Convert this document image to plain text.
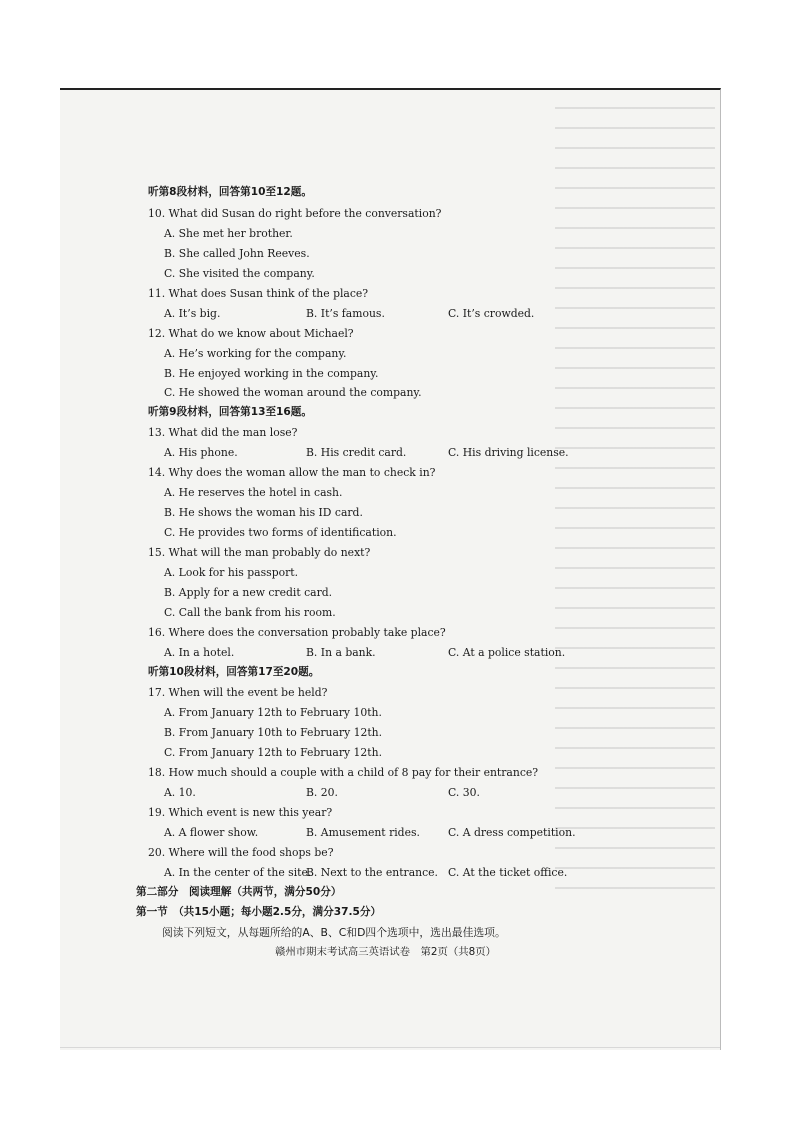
听第8段材料，回答第10至12题。
10. What did Susan do right before the conversation?
A. She met her brother.
B. She called John Reeves.
C. She visited the company.
11. What does Susan think of the place?
A. It’s big.	B. It’s famous.	C. It’s crowded.
12. What do we know about Michael?
A. He’s working for the company.
B. He enjoyed working in the company.
C. He showed the woman around the company.
听第9段材料，回答第13至16题。
13. What did the man lose?
A. His phone.	B. His credit card.	C. His driving license.
14. Why does the woman allow the man to check in?
A. He reserves the hotel in cash.
B. He shows the woman his ID card.
C. He provides two forms of identification.
15. What will the man probably do next?
A. Look for his passport.
B. Apply for a new credit card.
C. Call the bank from his room.
16. Where does the conversation probably take place?
A. In a hotel.	B. In a bank.	C. At a police station.
听第10段材料，回答第17至20题。
17. When will the event be held?
A. From January 12th to February 10th.
B. From January 10th to February 12th.
C. From January 12th to February 12th.
18. How much should a couple with a child of 8 pay for their entrance?
A. 10.	B. 20.	C. 30.
19. Which event is new this year?
A. A flower show.	B. Amusement rides.	C. A dress competition.
20. Where will the food shops be?
A. In the center of the site.
B. Next to the entrance. C. At the ticket office.
第二部分　阅读理解（共两节，满分50分）
第一节　（共15小题；每小题2.5分，满分37.5分）
阅读下列短文，从每题所给的A、B、C和D四个选项中，选出最佳选项。
赣州市期末考试高三英语试卷　第2页（共8页）
